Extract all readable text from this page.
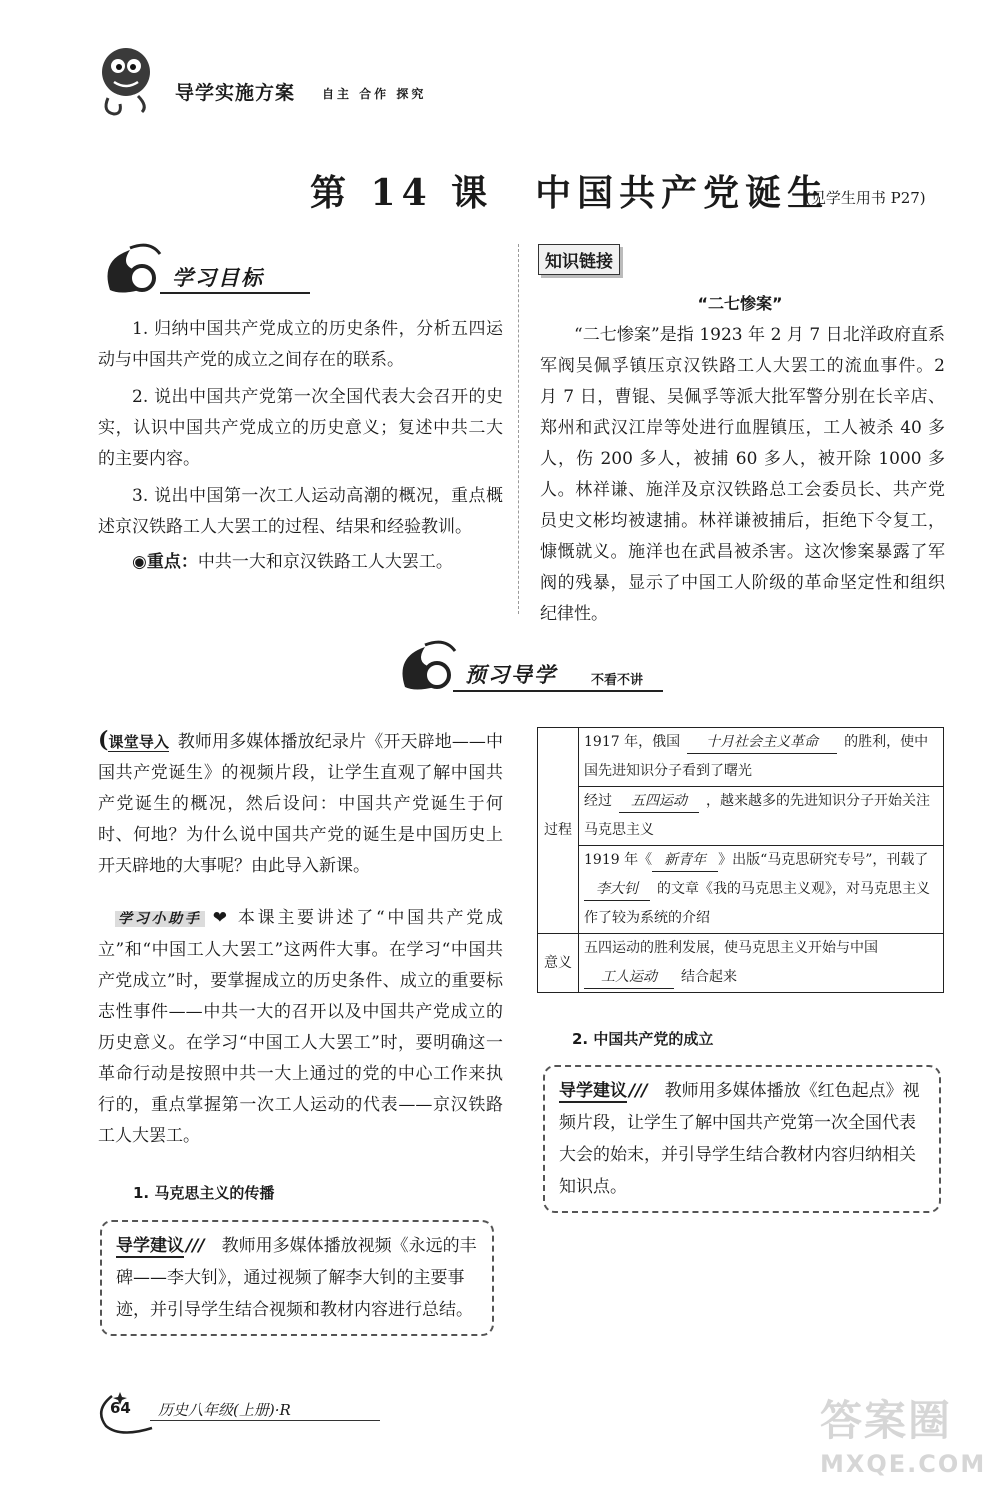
导学实施方案 自主 合作 探究
第 14 课　中国共产党诞生
(见学生用书 P27)
学习目标

1. 归纳中国共产党成立的历史条件，分析五四运动与中国共产党的成立之间存在的联系。

2. 说出中国共产党第一次全国代表大会召开的史实，认识中国共产党成立的历史意义；复述中共二大的主要内容。

3. 说出中国第一次工人运动高潮的概况，重点概述京汉铁路工人大罢工的过程、结果和经验教训。

◉重点：中共一大和京汉铁路工人大罢工。

知识链接
“二七惨案”

“二七惨案”是指 1923 年 2 月 7 日北洋政府直系军阀吴佩孚镇压京汉铁路工人大罢工的流血事件。2 月 7 日，曹锟、吴佩孚等派大批军警分别在长辛店、郑州和武汉江岸等处进行血腥镇压，工人被杀 40 多人，伤 200 多人，被捕 60 多人，被开除 1000 多人。林祥谦、施洋及京汉铁路总工会委员长、共产党员史文彬均被逮捕。林祥谦被捕后，拒绝下令复工，慷慨就义。施洋也在武昌被杀害。这次惨案暴露了军阀的残暴，显示了中国工人阶级的革命坚定性和组织纪律性。

预习导学	不看不讲

(课堂导入  教师用多媒体播放纪录片《开天辟地——中国共产党诞生》的视频片段，让学生直观了解中国共产党诞生的概况，然后设问：中国共产党诞生于何时、何地？为什么说中国共产党的诞生是中国历史上开天辟地的大事呢？由此导入新课。

学习小助手 ❤ 本课主要讲述了“中国共产党成立”和“中国工人大罢工”这两件大事。在学习“中国共产党成立”时，要掌握成立的历史条件、成立的重要标志性事件——中共一大的召开以及中国共产党成立的历史意义。在学习“中国工人大罢工”时，要明确这一革命行动是按照中共一大上通过的党的中心工作来执行的，重点掌握第一次工人运动的代表——京汉铁路工人大罢工。

1. 马克思主义的传播
导学建议 ///   教师用多媒体播放视频《永远的丰碑——李大钊》，通过视频了解李大钊的主要事迹，并引导学生结合视频和教材内容进行总结。
过程	1917 年，俄国  十月社会主义革命  的胜利，使中国先进知识分子看到了曙光
	经过  五四运动  ，越来越多的先进知识分子开始关注马克思主义
	1919 年《 新青年 》出版“马克思研究专号”，刊载了 李大钊  的文章《我的马克思主义观》，对马克思主义作了较为系统的介绍
意义	五四运动的胜利发展，使马克思主义开始与中国 工人运动  结合起来
2. 中国共产党的成立
导学建议 ///   教师用多媒体播放《红色起点》视频片段，让学生了解中国共产党第一次全国代表大会的始末，并引导学生结合教材内容归纳相关知识点。
64 历史八年级(上册)·R	答案圈
MXQE.COM
